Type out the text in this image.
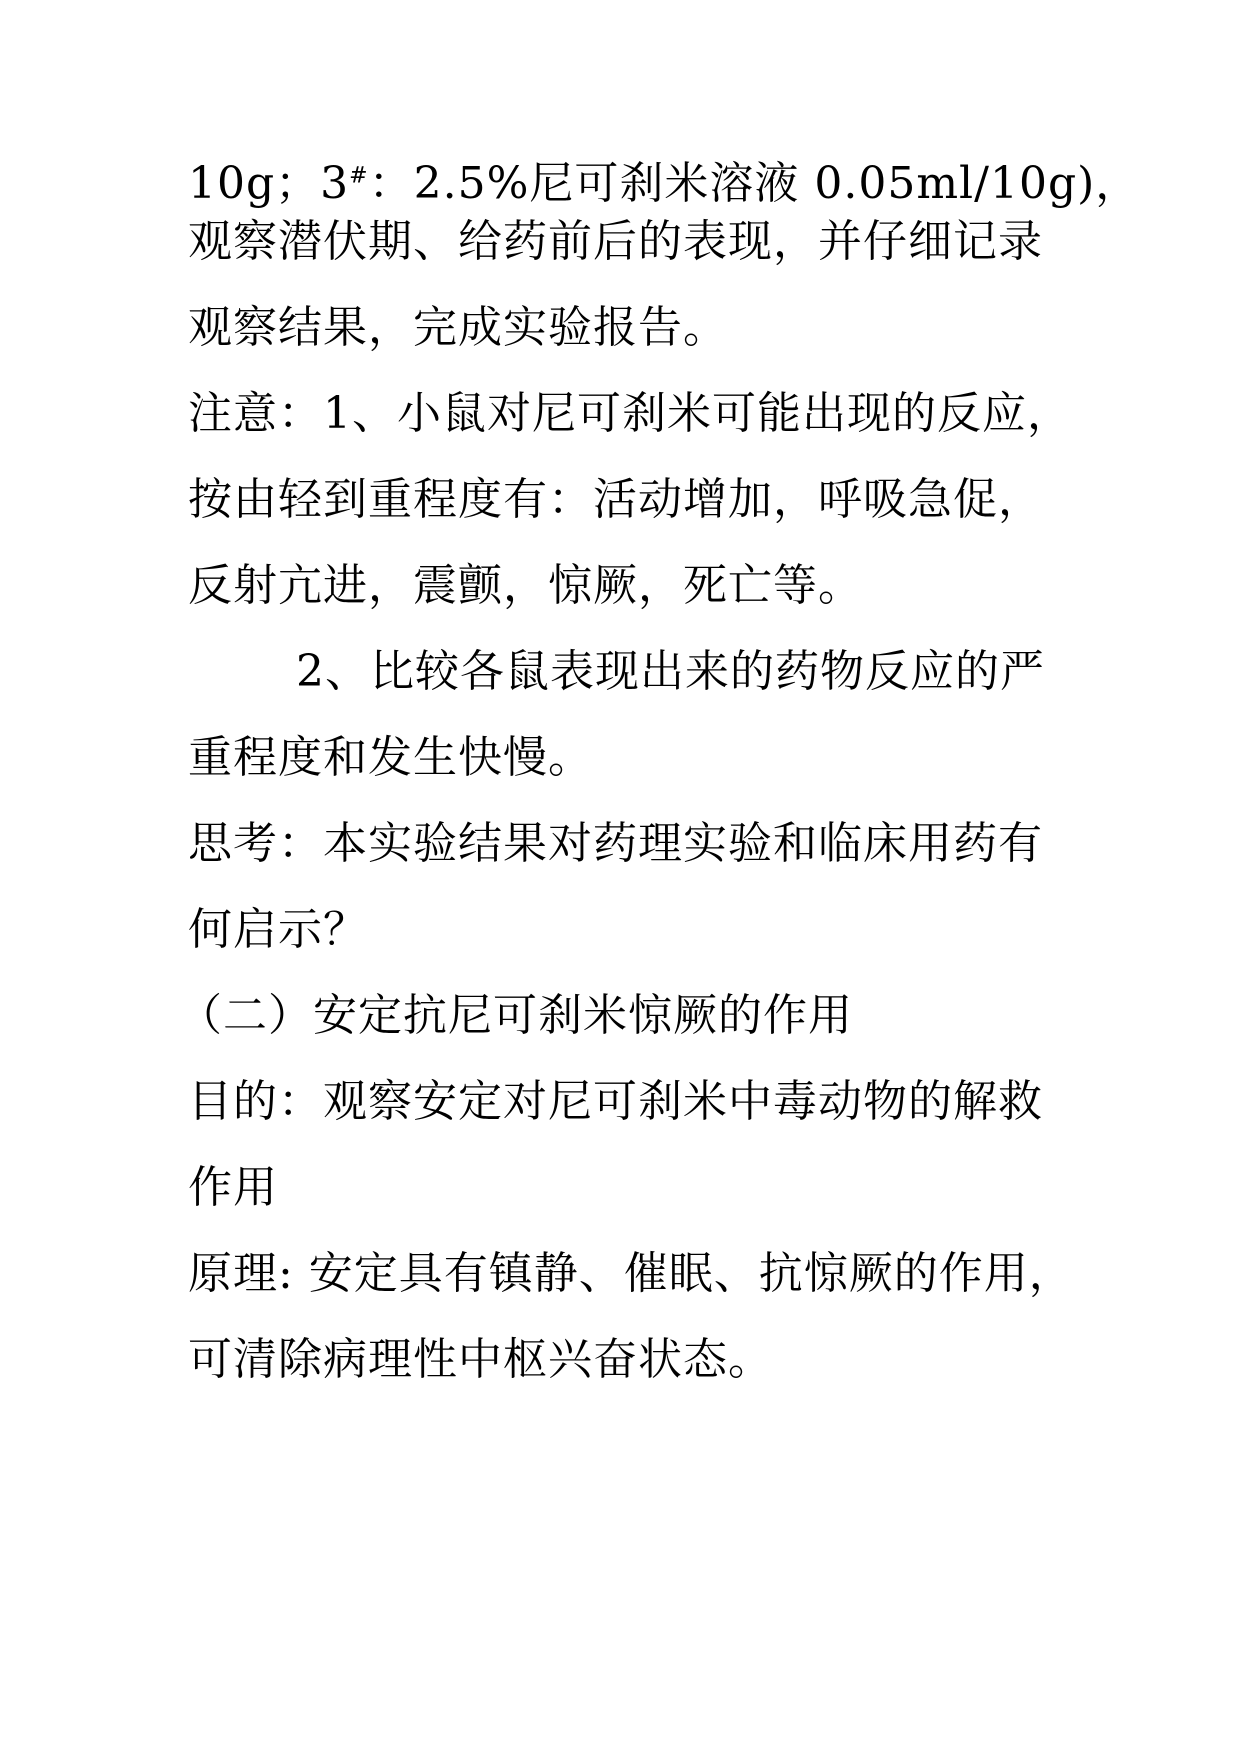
10g；3#：2.5%尼可刹米溶液 0.05ml/10g)，
观察潜伏期、给药前后的表现，并仔细记录
观察结果，完成实验报告。
注意：1、小鼠对尼可刹米可能出现的反应，
按由轻到重程度有：活动增加，呼吸急促，
反射亢进，震颤，惊厥，死亡等。
2、比较各鼠表现出来的药物反应的严
重程度和发生快慢。
思考：本实验结果对药理实验和临床用药有
何启示？
（二）安定抗尼可刹米惊厥的作用
目的：观察安定对尼可刹米中毒动物的解救
作用
原理: 安定具有镇静、催眠、抗惊厥的作用，
可清除病理性中枢兴奋状态。
